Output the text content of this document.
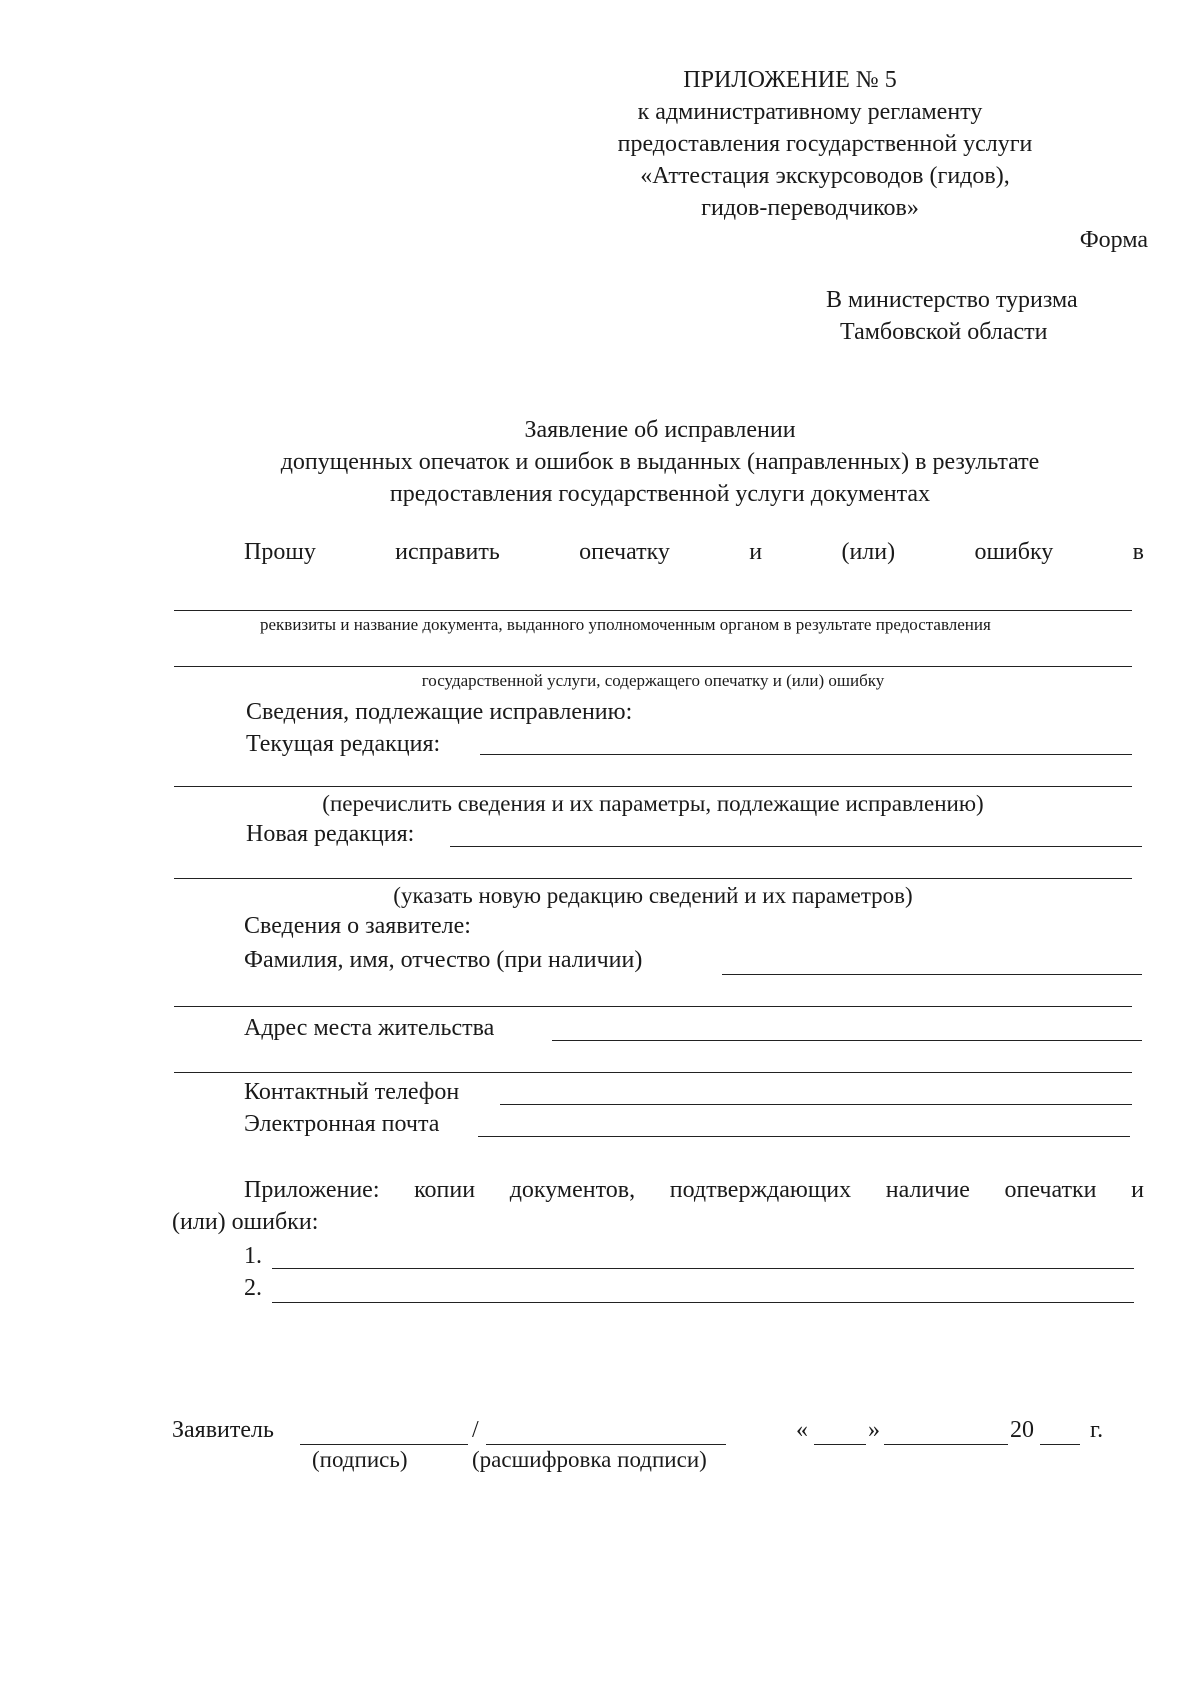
ПРИЛОЖЕНИЕ № 5
к административному регламенту
предоставления государственной услуги
«Аттестация экскурсоводов (гидов),
гидов-переводчиков»
Форма
В министерство туризма
Тамбовской области
Заявление об исправлении
допущенных опечаток и ошибок в выданных (направленных) в результате
предоставления государственной услуги документах
Прошу	исправить	опечатку	и	(или)	ошибку	в
реквизиты и название документа, выданного уполномоченным органом в результате предоставления
государственной услуги, содержащего опечатку и (или) ошибку
Сведения, подлежащие исправлению:
Текущая редакция:
(перечислить сведения и их параметры, подлежащие исправлению)
Новая редакция:
(указать новую редакцию сведений и их параметров)
Сведения о заявителе:
Фамилия, имя, отчество (при наличии)
Адрес места жительства
Контактный телефон
Электронная почта
Приложение: копии документов, подтверждающих наличие опечатки и
(или) ошибки:
1.
2.
Заявитель	/	«	»	20 г.
(подпись)	(расшифровка подписи)
